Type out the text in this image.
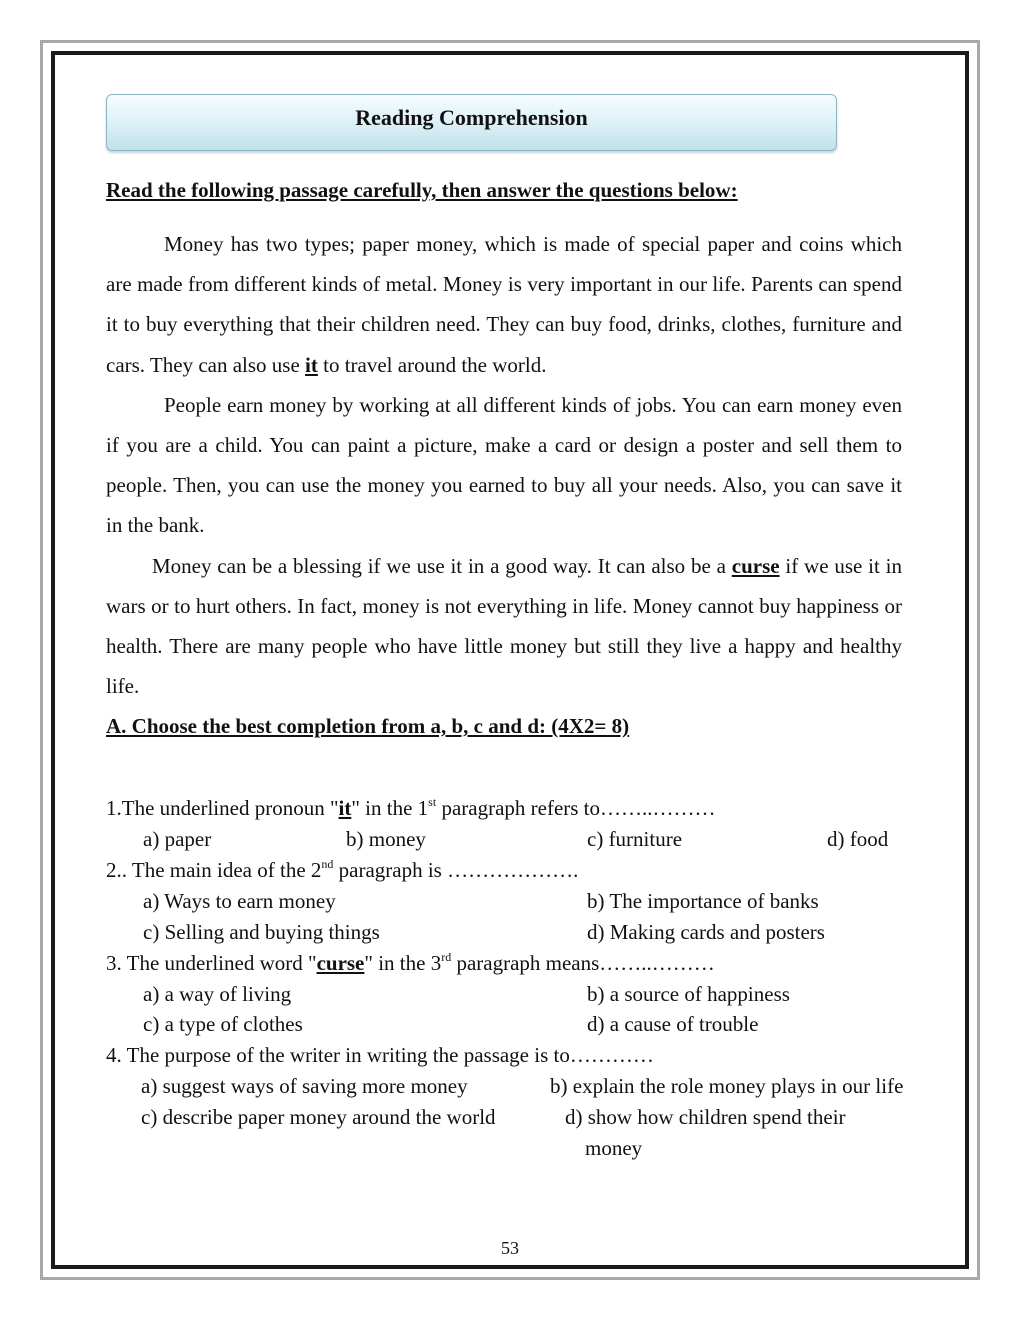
Reading Comprehension
Read the following passage carefully, then answer the questions below:

Money has two types; paper money, which is made of special paper and coins which are made from different kinds of metal. Money is very important in our life. Parents can spend it to buy everything that their children need. They can buy food, drinks, clothes, furniture and cars. They can also use it to travel around the world.

People earn money by working at all different kinds of jobs. You can earn money even if you are a child. You can paint a picture, make a card or design a poster and sell them to people. Then, you can use the money you earned to buy all your needs. Also, you can save it in the bank.

Money can be a blessing if we use it in a good way. It can also be a curse if we use it in wars or to hurt others. In fact, money is not everything in life. Money cannot buy happiness or health. There are many people who have little money but still they live a happy and healthy life.

A. Choose the best completion from a, b, c and d: (4X2= 8)
1.The underlined pronoun "it" in the 1st paragraph refers to……..………
a) paper	b) money	c) furniture	d) food
2.. The main idea of the 2nd paragraph is ……………….
a) Ways to earn money	b) The importance of banks
c) Selling and buying things	d) Making cards and posters
3. The underlined word "curse" in the 3rd paragraph means……..………
a) a way of living	b) a source of happiness
c) a type of clothes	d) a cause of trouble
4. The purpose of the writer in writing the passage is to…………
a) suggest ways of saving more money	b) explain the role money plays in our life
c) describe paper money around the world	d) show how children spend their
money
53
